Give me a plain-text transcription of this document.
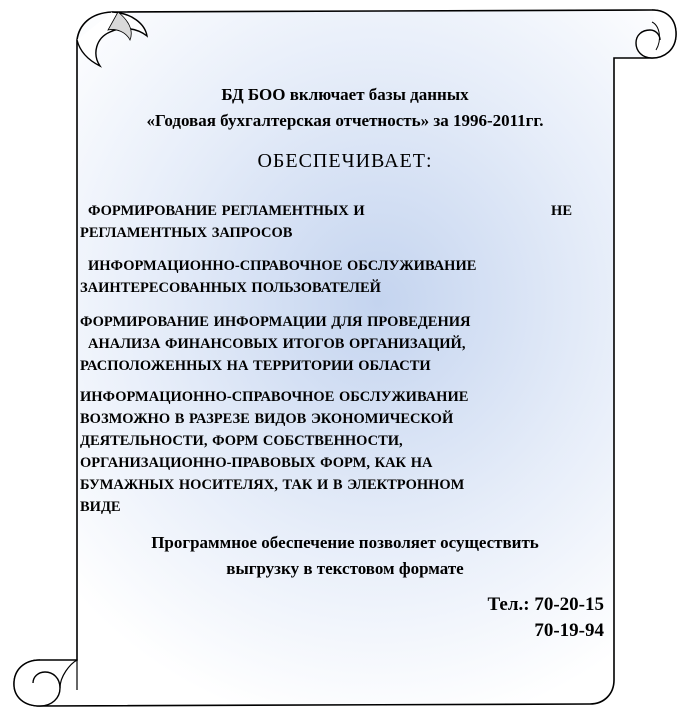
БД БОО включает базы данных
«Годовая бухгалтерская отчетность» за 1996-2011гг.
ОБЕСПЕЧИВАЕТ:
ФОРМИРОВАНИЕ РЕГЛАМЕНТНЫХ И	НЕ
РЕГЛАМЕНТНЫХ ЗАПРОСОВ
ИНФОРМАЦИОННО-СПРАВОЧНОЕ ОБСЛУЖИВАНИЕ
ЗАИНТЕРЕСОВАННЫХ ПОЛЬЗОВАТЕЛЕЙ
ФОРМИРОВАНИЕ ИНФОРМАЦИИ ДЛЯ ПРОВЕДЕНИЯ
АНАЛИЗА ФИНАНСОВЫХ ИТОГОВ ОРГАНИЗАЦИЙ,
РАСПОЛОЖЕННЫХ НА ТЕРРИТОРИИ ОБЛАСТИ
ИНФОРМАЦИОННО-СПРАВОЧНОЕ ОБСЛУЖИВАНИЕ
ВОЗМОЖНО В РАЗРЕЗЕ ВИДОВ ЭКОНОМИЧЕСКОЙ
ДЕЯТЕЛЬНОСТИ, ФОРМ СОБСТВЕННОСТИ,
ОРГАНИЗАЦИОННО-ПРАВОВЫХ ФОРМ, КАК НА
БУМАЖНЫХ НОСИТЕЛЯХ, ТАК И В ЭЛЕКТРОННОМ
ВИДЕ
Программное обеспечение позволяет осуществить
выгрузку в текстовом формате
Тел.: 70-20-15
70-19-94
